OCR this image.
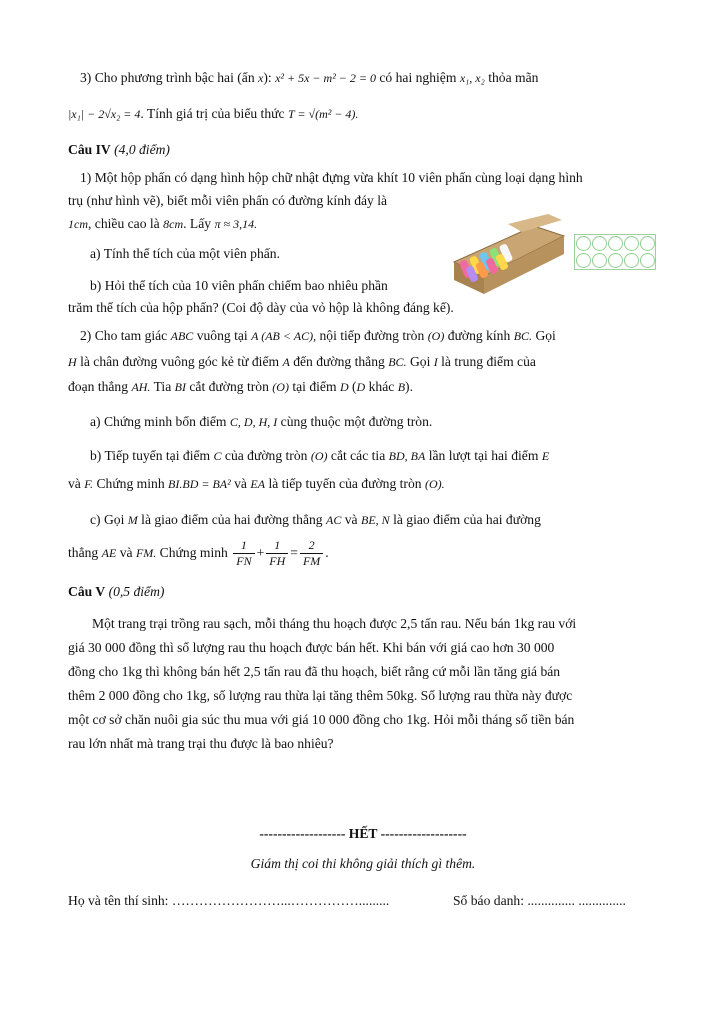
3) Cho phương trình bậc hai (ẩn x): x² + 5x − m² − 2 = 0 có hai nghiệm x₁, x₂ thỏa mãn
|x₁| − 2√x₂ = 4. Tính giá trị của biểu thức T = √(m² − 4).
Câu IV (4,0 điểm)
1) Một hộp phấn có dạng hình hộp chữ nhật đựng vừa khít 10 viên phấn cùng loại dạng hình
trụ (như hình vẽ), biết mỗi viên phấn có đường kính đáy là
1cm, chiều cao là 8cm. Lấy π ≈ 3,14.
a) Tính thể tích của một viên phấn.
b) Hỏi thể tích của 10 viên phấn chiếm bao nhiêu phần
trăm thể tích của hộp phấn? (Coi độ dày của vỏ hộp là không đáng kể).
2) Cho tam giác ABC vuông tại A (AB < AC), nội tiếp đường tròn (O) đường kính BC. Gọi
H là chân đường vuông góc kẻ từ điểm A đến đường thẳng BC. Gọi I là trung điểm của
đoạn thẳng AH. Tia BI cắt đường tròn (O) tại điểm D (D khác B).
a) Chứng minh bốn điểm C, D, H, I cùng thuộc một đường tròn.
b) Tiếp tuyến tại điểm C của đường tròn (O) cắt các tia BD, BA lần lượt tại hai điểm E
và F. Chứng minh BI.BD = BA² và EA là tiếp tuyến của đường tròn (O).
c) Gọi M là giao điểm của hai đường thẳng AC và BE, N là giao điểm của hai đường
thẳng AE và FM. Chứng minh $\frac{1}{FN} + \frac{1}{FH} = \frac{2}{FM}$ .
Câu V (0,5 điểm)
Một trang trại trồng rau sạch, mỗi tháng thu hoạch được 2,5 tấn rau. Nếu bán 1kg rau với
giá 30 000 đồng thì số lượng rau thu hoạch được bán hết. Khi bán với giá cao hơn 30 000
đồng cho 1kg thì không bán hết 2,5 tấn rau đã thu hoạch, biết rằng cứ mỗi lần tăng giá bán
thêm 2 000 đồng cho 1kg, số lượng rau thừa lại tăng thêm 50kg. Số lượng rau thừa này được
một cơ sở chăn nuôi gia súc thu mua với giá 10 000 đồng cho 1kg. Hỏi mỗi tháng số tiền bán
rau lớn nhất mà trang trại thu được là bao nhiêu?
------------------- HẾT -------------------
Giám thị coi thi không giải thích gì thêm.
Họ và tên thí sinh: ……………………...…………….........	Số báo danh: .............. ..............
